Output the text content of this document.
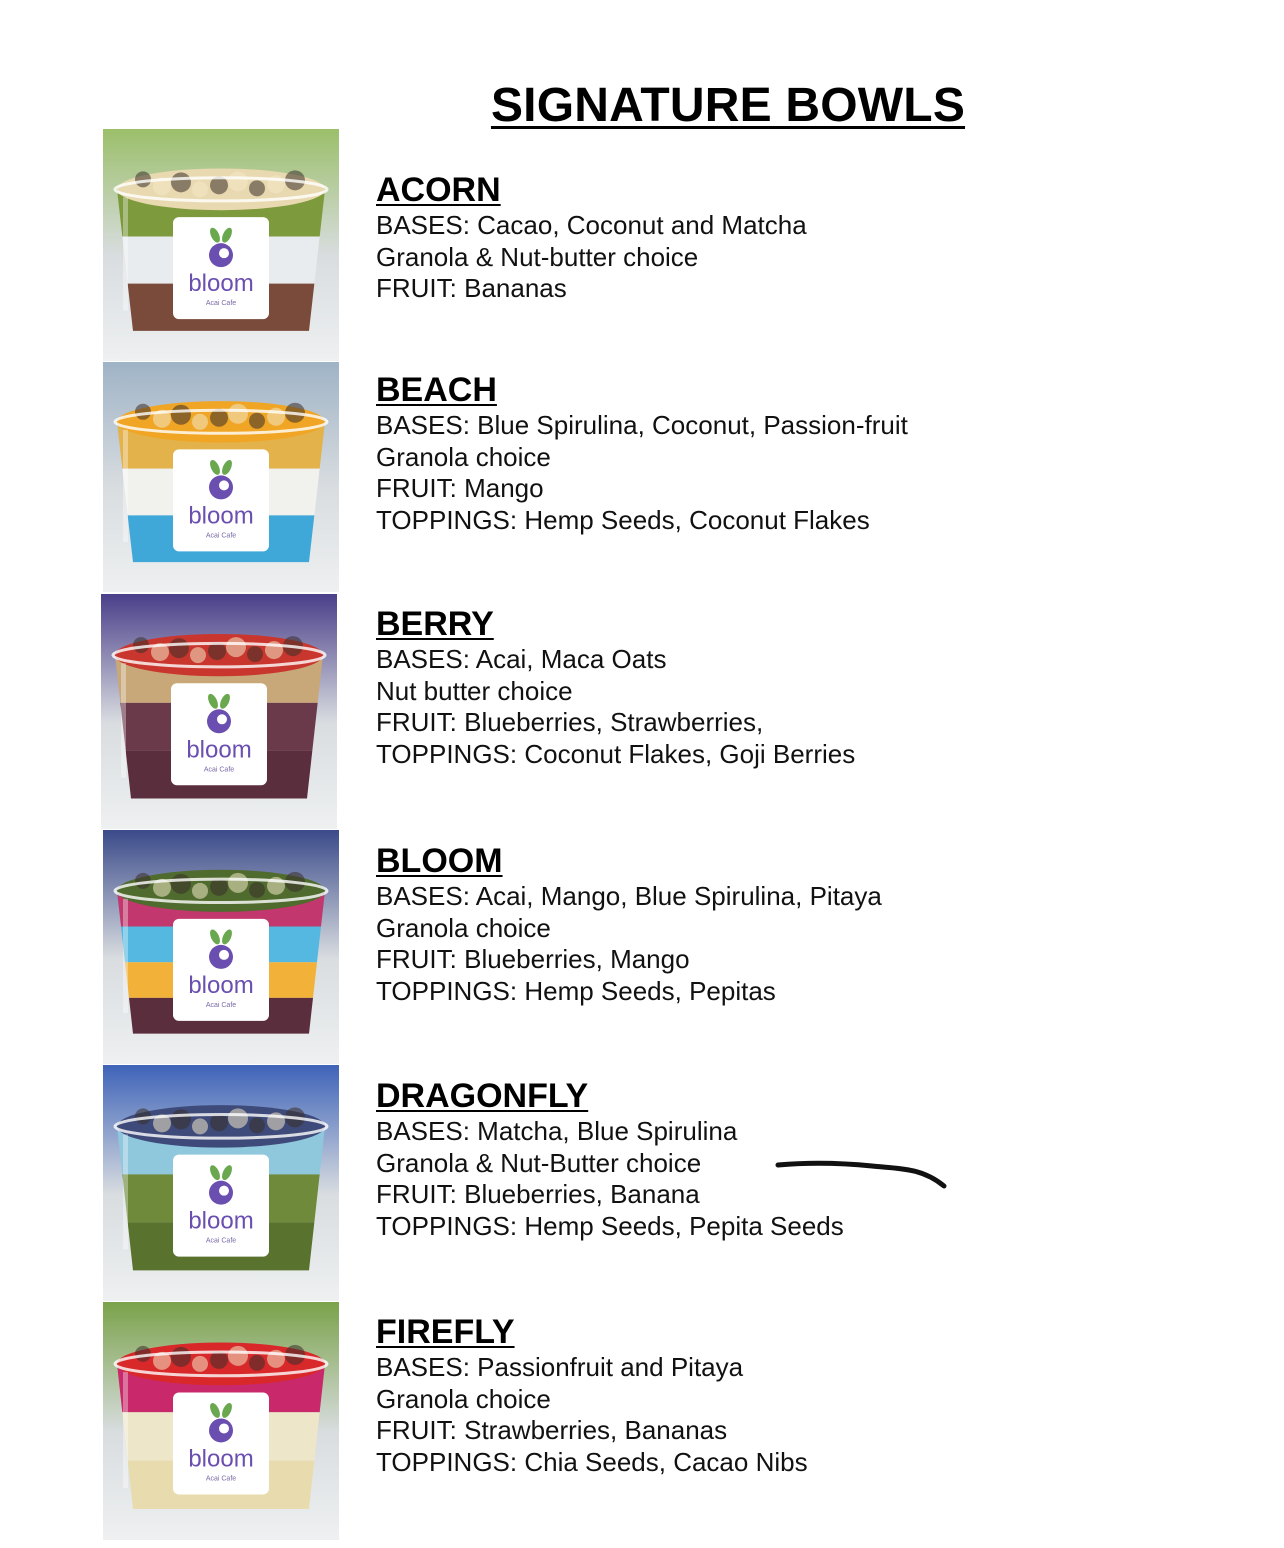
SIGNATURE BOWLS
bloom
Acai Cafe
bloom
Acai Cafe
bloom
Acai Cafe
bloom
Acai Cafe
bloom
Acai Cafe
bloom
Acai Cafe
ACORN
BASES: Cacao, Coconut and Matcha
Granola & Nut-butter choice
FRUIT: Bananas
BEACH
BASES: Blue Spirulina, Coconut, Passion-fruit
Granola choice
FRUIT: Mango
TOPPINGS: Hemp Seeds, Coconut Flakes
BERRY
BASES: Acai, Maca Oats
Nut butter choice
FRUIT: Blueberries, Strawberries,
TOPPINGS: Coconut Flakes, Goji Berries
BLOOM
BASES: Acai, Mango, Blue Spirulina, Pitaya
Granola choice
FRUIT: Blueberries, Mango
TOPPINGS: Hemp Seeds, Pepitas
DRAGONFLY
BASES: Matcha, Blue Spirulina
Granola & Nut-Butter choice
FRUIT: Blueberries, Banana
TOPPINGS: Hemp Seeds, Pepita Seeds
FIREFLY
BASES: Passionfruit and Pitaya
Granola choice
FRUIT: Strawberries, Bananas
TOPPINGS: Chia Seeds, Cacao Nibs
